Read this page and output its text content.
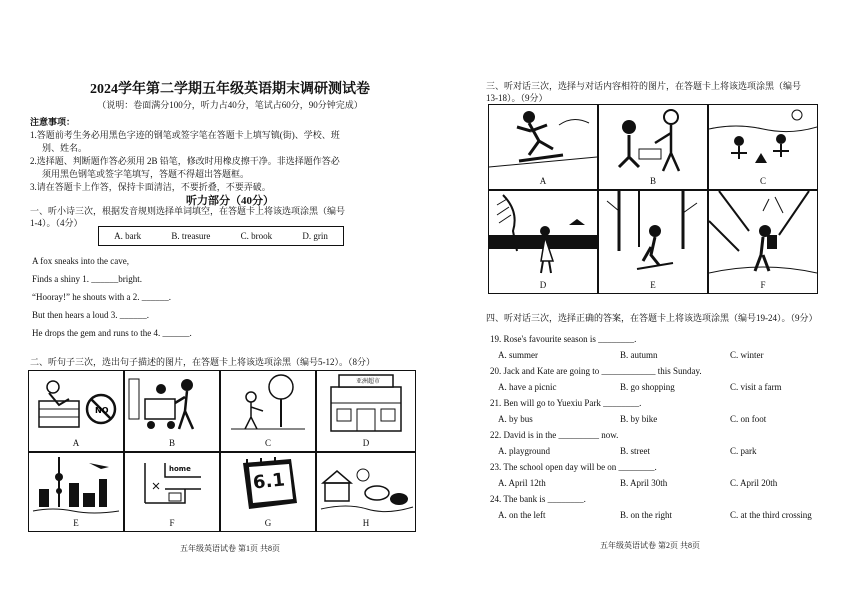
2024学年第二学期五年级英语期末调研测试卷
（说明：卷面满分100分，听力占40分，笔试占60分，90分钟完成）
注意事项：
1.答题前考生务必用黑色字迹的钢笔或签字笔在答题卡上填写镇(街)、学校、班
别、姓名。
2.选择题、判断题作答必须用 2B 铅笔，修改时用橡皮擦干净。非选择题作答必
须用黑色钢笔或签字笔填写，答题不得超出答题框。
3.请在答题卡上作答，保持卡面清洁，不要折叠，不要弄破。
听力部分（40分）
一、听小诗三次，根据发音规则选择单词填空，在答题卡上将该选项涂黑（编号
1-4）。（4分）
A. bark	B. treasure	C. brook	D. grin
A fox sneaks into the cave,
Finds a shiny 1. ______bright.
“Hooray!” he shouts with a 2. ______.
But then hears a loud 3. ______.
He drops the gem and runs to the 4. ______.
二、听句子三次，选出句子描述的图片，在答题卡上将该选项涂黑（编号5-12）。（8分）
NO
亚洲超市
A	B	C	D
home
6.1
E	F	G	H
五年级英语试卷 第1页 共8页
三、听对话三次，选择与对话内容相符的图片，在答题卡上将该选项涂黑（编号
13-18）。（9分）
A	B	C
D	E	F
四、听对话三次，选择正确的答案，在答题卡上将该选项涂黑（编号19-24）。（9分）
19. Rose's favourite season is ________.
A. summer	B. autumn	C. winter
20. Jack and Kate are going to ____________ this Sunday.
A. have a picnic	B. go shopping	C. visit a farm
21. Ben will go to Yuexiu Park ________.
A. by bus	B. by bike	C. on foot
22. David is in the _________ now.
A. playground	B. street	C. park
23. The school open day will be on ________.
A. April 12th	B. April 30th	C. April 20th
24. The bank is ________.
A. on the left	B. on the right	C. at the third crossing
五年级英语试卷 第2页 共8页
